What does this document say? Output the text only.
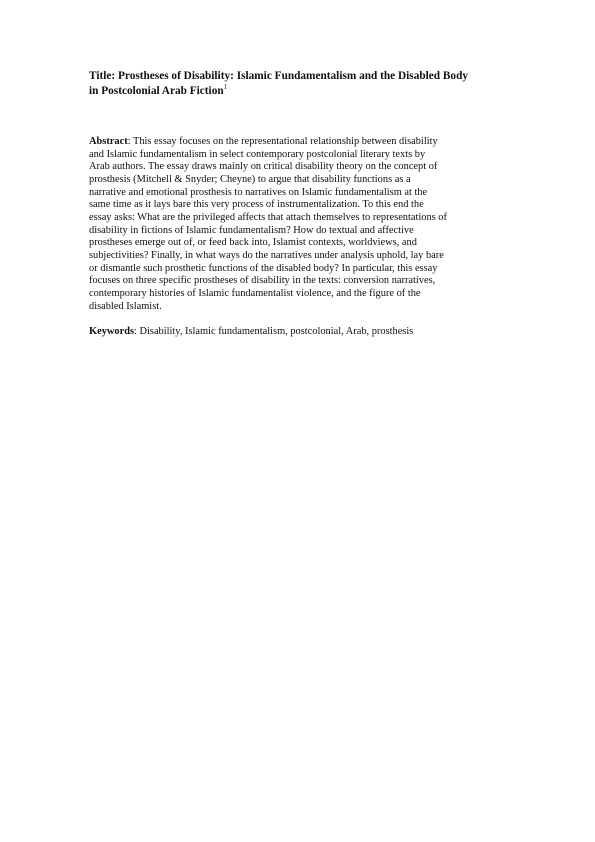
Title: Prostheses of Disability: Islamic Fundamentalism and the Disabled Body
in Postcolonial Arab Fiction$^1$

Abstract: This essay focuses on the representational relationship between disability
and Islamic fundamentalism in select contemporary postcolonial literary texts by
Arab authors. The essay draws mainly on critical disability theory on the concept of
prosthesis (Mitchell & Snyder; Cheyne) to argue that disability functions as a
narrative and emotional prosthesis to narratives on Islamic fundamentalism at the
same time as it lays bare this very process of instrumentalization. To this end the
essay asks: What are the privileged affects that attach themselves to representations of
disability in fictions of Islamic fundamentalism? How do textual and affective
prostheses emerge out of, or feed back into, Islamist contexts, worldviews, and
subjectivities? Finally, in what ways do the narratives under analysis uphold, lay bare
or dismantle such prosthetic functions of the disabled body? In particular, this essay
focuses on three specific prostheses of disability in the texts: conversion narratives,
contemporary histories of Islamic fundamentalist violence, and the figure of the
disabled Islamist.

Keywords: Disability, Islamic fundamentalism, postcolonial, Arab, prosthesis
